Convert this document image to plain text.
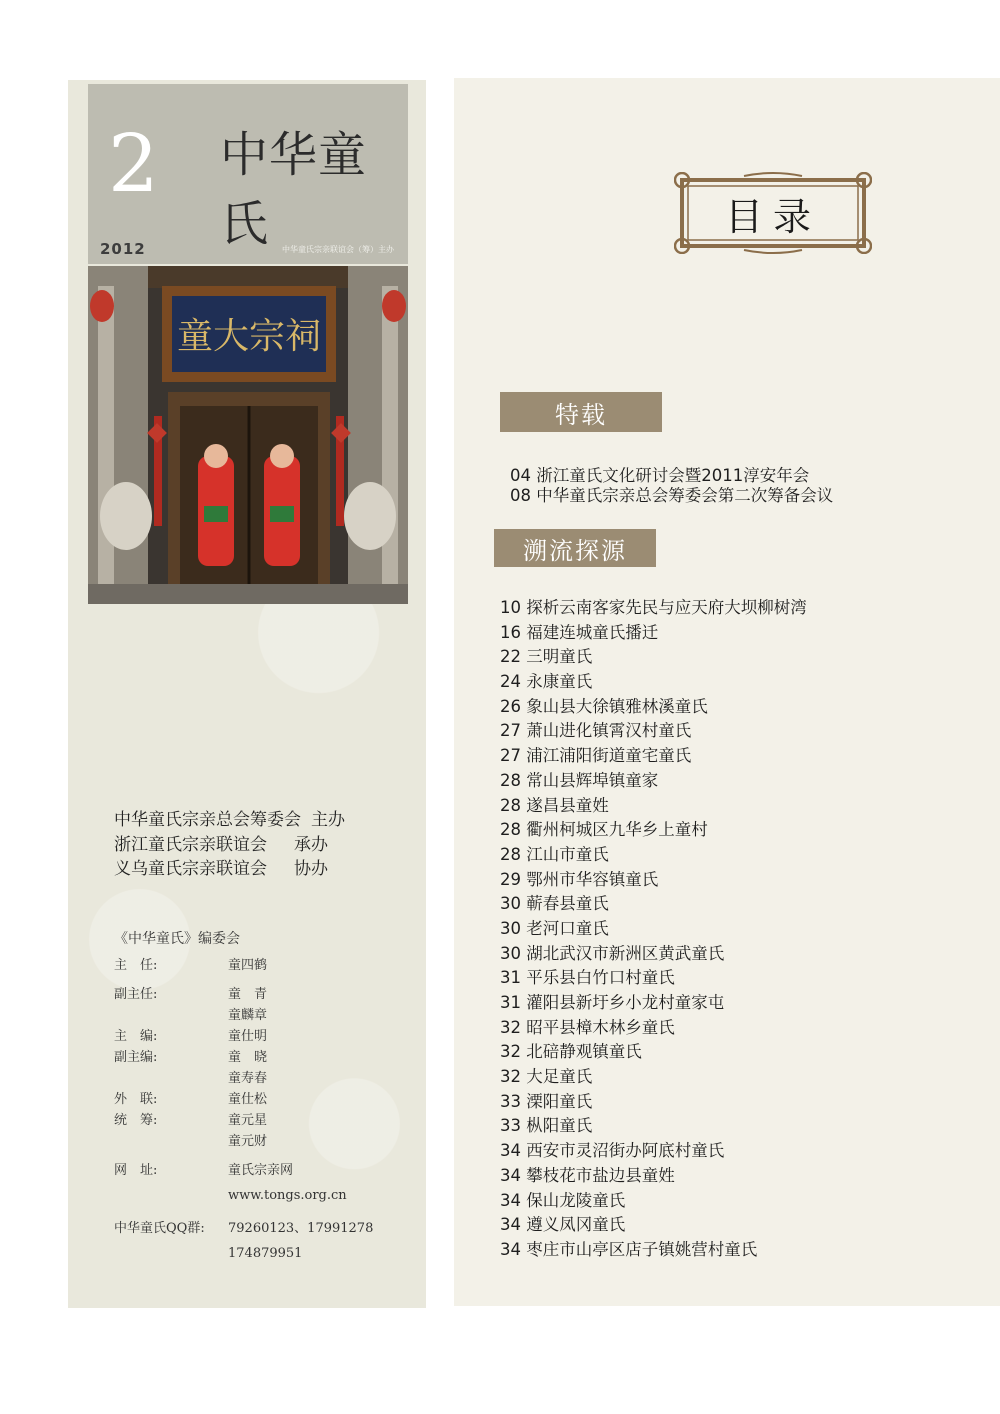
2 中华童氏
2012	中华童氏宗亲联谊会（筹）主办
童大宗祠
中华童氏宗亲总会筹委会 主办
浙江童氏宗亲联谊会 承办
义乌童氏宗亲联谊会 协办
《中华童氏》编委会
主　任:	童四鹤
副主任:	童　青
童麟章
主　编:	童仕明
副主编:	童　晓
童寿春
外　联:	童仕松
统　筹:	童元星
童元财
网　址:	童氏宗亲网
www.tongs.org.cn
中华童氏QQ群: 79260123、17991278
174879951
目录
特载
04 浙江童氏文化研讨会暨2011淳安年会
08 中华童氏宗亲总会筹委会第二次筹备会议
溯流探源
10 探析云南客家先民与应天府大坝柳树湾
16 福建连城童氏播迁
22 三明童氏
24 永康童氏
26 象山县大徐镇雅林溪童氏
27 萧山进化镇霄汉村童氏
27 浦江浦阳街道童宅童氏
28 常山县辉埠镇童家
28 遂昌县童姓
28 衢州柯城区九华乡上童村
28 江山市童氏
29 鄂州市华容镇童氏
30 蕲春县童氏
30 老河口童氏
30 湖北武汉市新洲区黄武童氏
31 平乐县白竹口村童氏
31 灌阳县新圩乡小龙村童家屯
32 昭平县樟木林乡童氏
32 北碚静观镇童氏
32 大足童氏
33 溧阳童氏
33 枞阳童氏
34 西安市灵沼街办阿底村童氏
34 攀枝花市盐边县童姓
34 保山龙陵童氏
34 遵义凤冈童氏
34 枣庄市山亭区店子镇姚营村童氏
